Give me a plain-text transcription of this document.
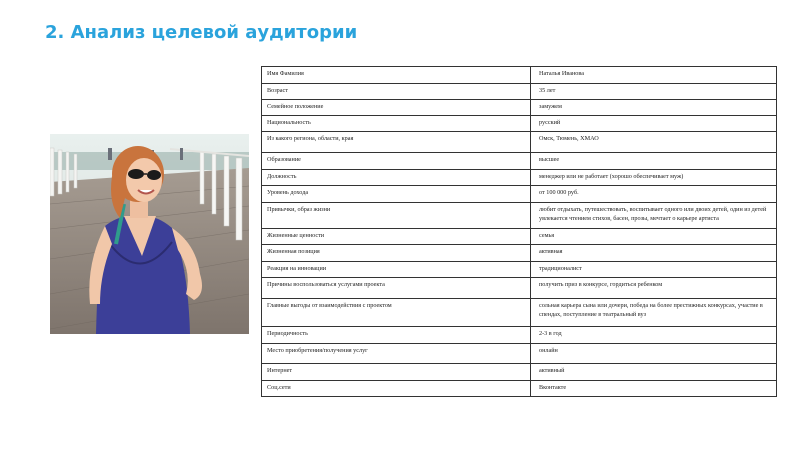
2. Анализ целевой аудитории
Имя Фамилия	Наталья Иванова
Возраст	35 лет
Семейное положение	замужем
Национальность	русский
Из какого региона, области, края	Омск, Тюмень, ХМАО
Образование	высшее
Должность	менеджер или не работает (хорошо обеспечивает муж)
Уровень дохода	от 100 000 руб.
Привычки, образ жизни	любит отдыхать, путешествовать, воспитывает одного или двоих детей, один из детей увлекается чтением стихов, басен, прозы, мечтает о карьере артиста
Жизненные ценности	семья
Жизненная позиция	активная
Реакция на инновации	традиционалист
Причины воспользоваться услугами проекта	получить приз в конкурсе, гордиться ребенком
Главные выгоды от взаимодействия с проектом	сольная карьера сына или дочери, победа на более престижных конкурсах, участие в спендах, поступление в театральный вуз
Периодичность	2-3 в год
Место приобретения/получения услуг	онлайн
Интернет	активный
Соц.сети	Вконтакте
